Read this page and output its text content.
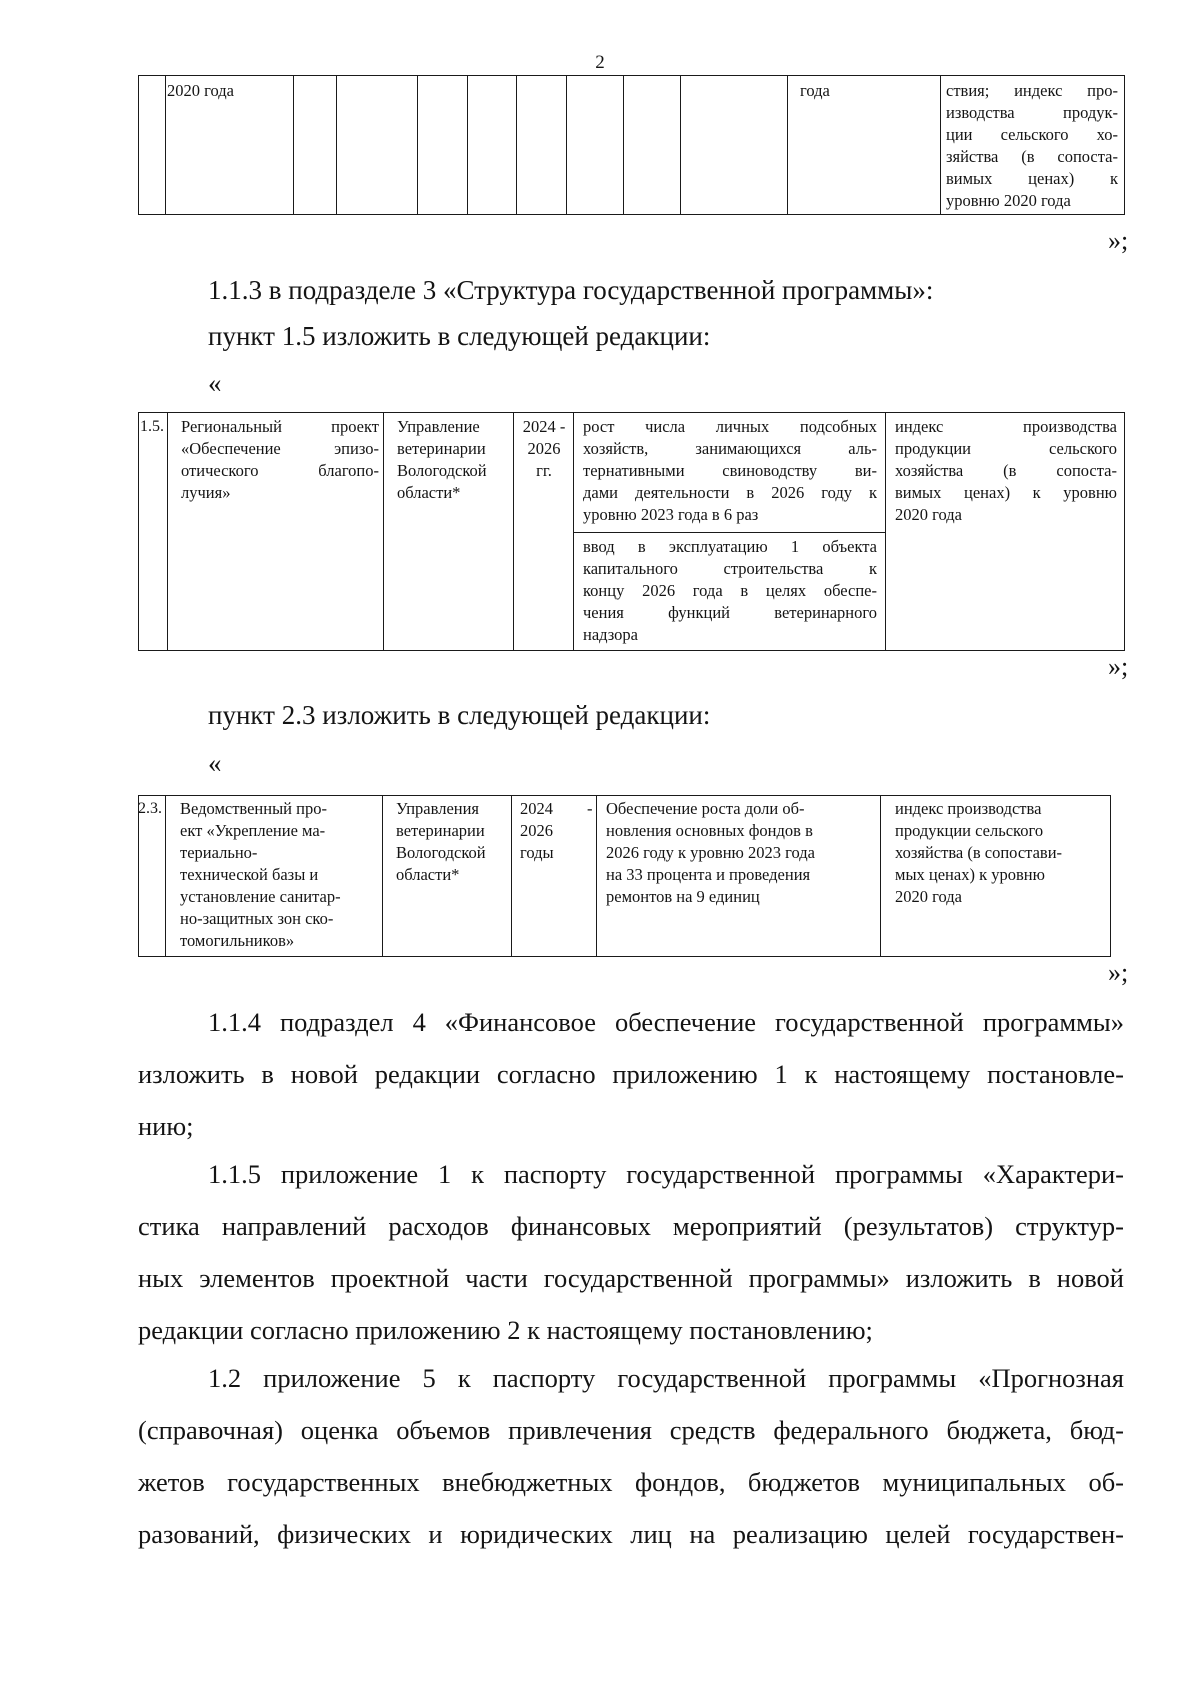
2
2020 года	года	ствия; индекс про-
изводства продук-
ции сельского хо-
зяйства (в сопоста-
вимых ценах) к
уровню 2020 года
»;
1.1.3 в подразделе 3 «Структура государственной программы»:
пункт 1.5 изложить в следующей редакции:
«
1.5. Региональный проект
«Обеспечение эпизо-
отического благопо-
лучия»
Управление
ветеринарии
Вологодской
области*
2024 -
2026
гг.
рост числа личных подсобных
хозяйств, занимающихся аль-
тернативными свиноводству ви-
дами деятельности в 2026 году к
уровню 2023 года в 6 раз
ввод в эксплуатацию 1 объекта
капитального строительства к
концу 2026 года в целях обеспе-
чения функций ветеринарного
надзора
индекс производства
продукции сельского
хозяйства (в сопоста-
вимых ценах) к уровню
2020 года
»;
пункт 2.3 изложить в следующей редакции:
«
2.3. Ведомственный про-
ект «Укрепление ма-
териально-
технической базы и
установление санитар-
но-защитных зон ско-
томогильников»
Управления
ветеринарии
Вологодской
области*
2024
2026
годы
- Обеспечение роста доли об-
новления основных фондов в
2026 году к уровню 2023 года
на 33 процента и проведения
ремонтов на 9 единиц
индекс производства
продукции сельского
хозяйства (в сопостави-
мых ценах) к уровню
2020 года
»;
1.1.4 подраздел 4 «Финансовое обеспечение государственной программы»
изложить в новой редакции согласно приложению 1 к настоящему постановле-
нию;
1.1.5 приложение 1 к паспорту государственной программы «Характери-
стика направлений расходов финансовых мероприятий (результатов) структур-
ных элементов проектной части государственной программы» изложить в новой
редакции согласно приложению 2 к настоящему постановлению;
1.2 приложение 5 к паспорту государственной программы «Прогнозная
(справочная) оценка объемов привлечения средств федерального бюджета, бюд-
жетов государственных внебюджетных фондов, бюджетов муниципальных об-
разований, физических и юридических лиц на реализацию целей государствен-
